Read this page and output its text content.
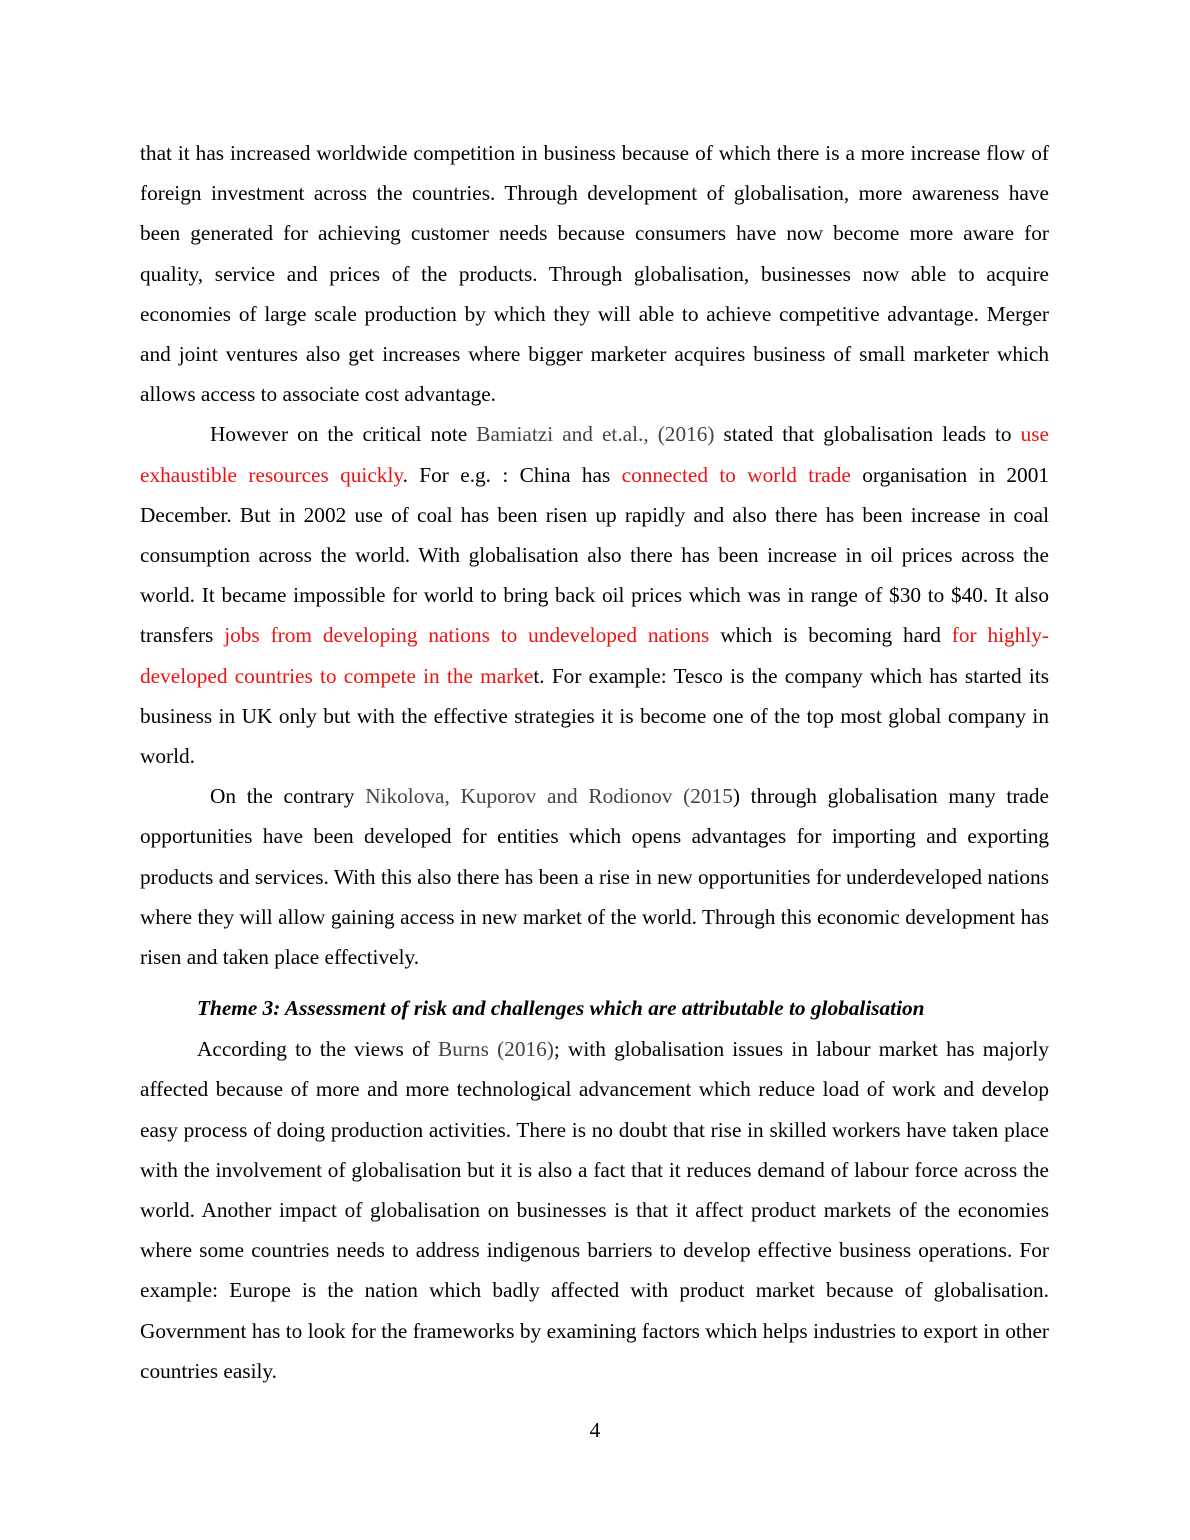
that it has increased worldwide competition in business because of which there is a more increase flow of foreign investment across the countries. Through development of globalisation, more awareness have been generated for achieving customer needs because consumers have now become more aware for quality, service and prices of the products. Through globalisation, businesses now able to acquire economies of large scale production by which they will able to achieve competitive advantage. Merger and joint ventures also get increases where bigger marketer acquires business of small marketer which allows access to associate cost advantage.

However on the critical note Bamiatzi and et.al., (2016) stated that globalisation leads to use exhaustible resources quickly. For e.g. : China has connected to world trade organisation in 2001 December. But in 2002 use of coal has been risen up rapidly and also there has been increase in coal consumption across the world. With globalisation also there has been increase in oil prices across the world. It became impossible for world to bring back oil prices which was in range of $30 to $40. It also transfers jobs from developing nations to undeveloped nations which is becoming hard for highly-developed countries to compete in the market. For example: Tesco is the company which has started its business in UK only but with the effective strategies it is become one of the top most global company in world.

On the contrary Nikolova, Kuporov and Rodionov (2015) through globalisation many trade opportunities have been developed for entities which opens advantages for importing and exporting products and services. With this also there has been a rise in new opportunities for underdeveloped nations where they will allow gaining access in new market of the world. Through this economic development has risen and taken place effectively.

Theme 3: Assessment of risk and challenges which are attributable to globalisation

According to the views of Burns (2016); with globalisation issues in labour market has majorly affected because of more and more technological advancement which reduce load of work and develop easy process of doing production activities. There is no doubt that rise in skilled workers have taken place with the involvement of globalisation but it is also a fact that it reduces demand of labour force across the world. Another impact of globalisation on businesses is that it affect product markets of the economies where some countries needs to address indigenous barriers to develop effective business operations. For example: Europe is the nation which badly affected with product market because of globalisation. Government has to look for the frameworks by examining factors which helps industries to export in other countries easily.

4
